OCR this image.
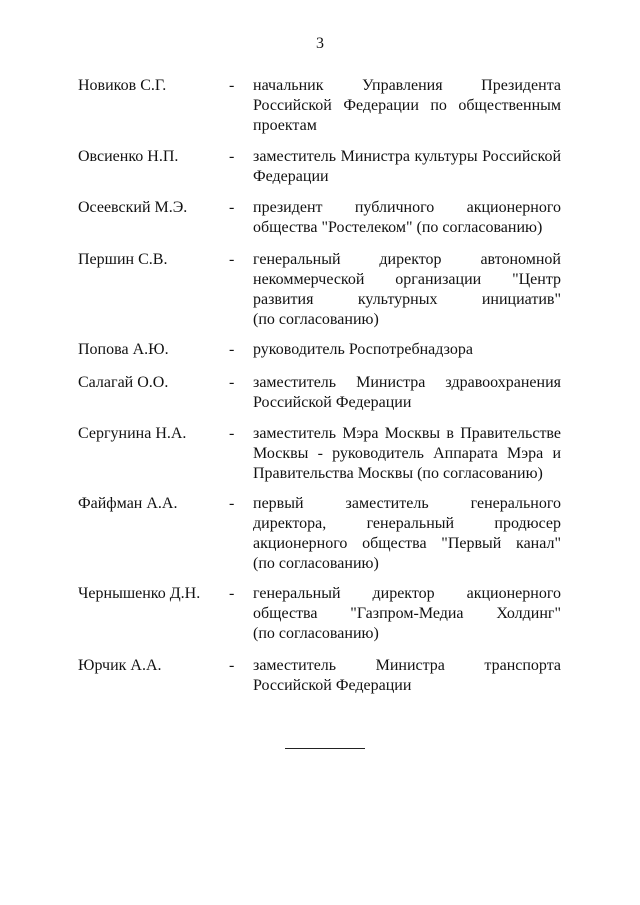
3
Новиков С.Г.	- начальник Управления Президента
Российской Федерации по общественным
проектам
Овсиенко Н.П.	- заместитель Министра культуры Российской
Федерации
Осеевский М.Э.	- президент публичного акционерного
общества "Ростелеком" (по согласованию)
Першин С.В.	- генеральный директор автономной
некоммерческой организации "Центр
развития культурных инициатив"
(по согласованию)
Попова А.Ю.	- руководитель Роспотребнадзора
Салагай О.О.	- заместитель Министра здравоохранения
Российской Федерации
Сергунина Н.А.	- заместитель Мэра Москвы в Правительстве
Москвы - руководитель Аппарата Мэра и
Правительства Москвы (по согласованию)
Файфман А.А.	- первый заместитель генерального
директора, генеральный продюсер
акционерного общества "Первый канал"
(по согласованию)
Чернышенко Д.Н. - генеральный директор акционерного
общества "Газпром-Медиа Холдинг"
(по согласованию)
Юрчик А.А.	- заместитель Министра транспорта
Российской Федерации
